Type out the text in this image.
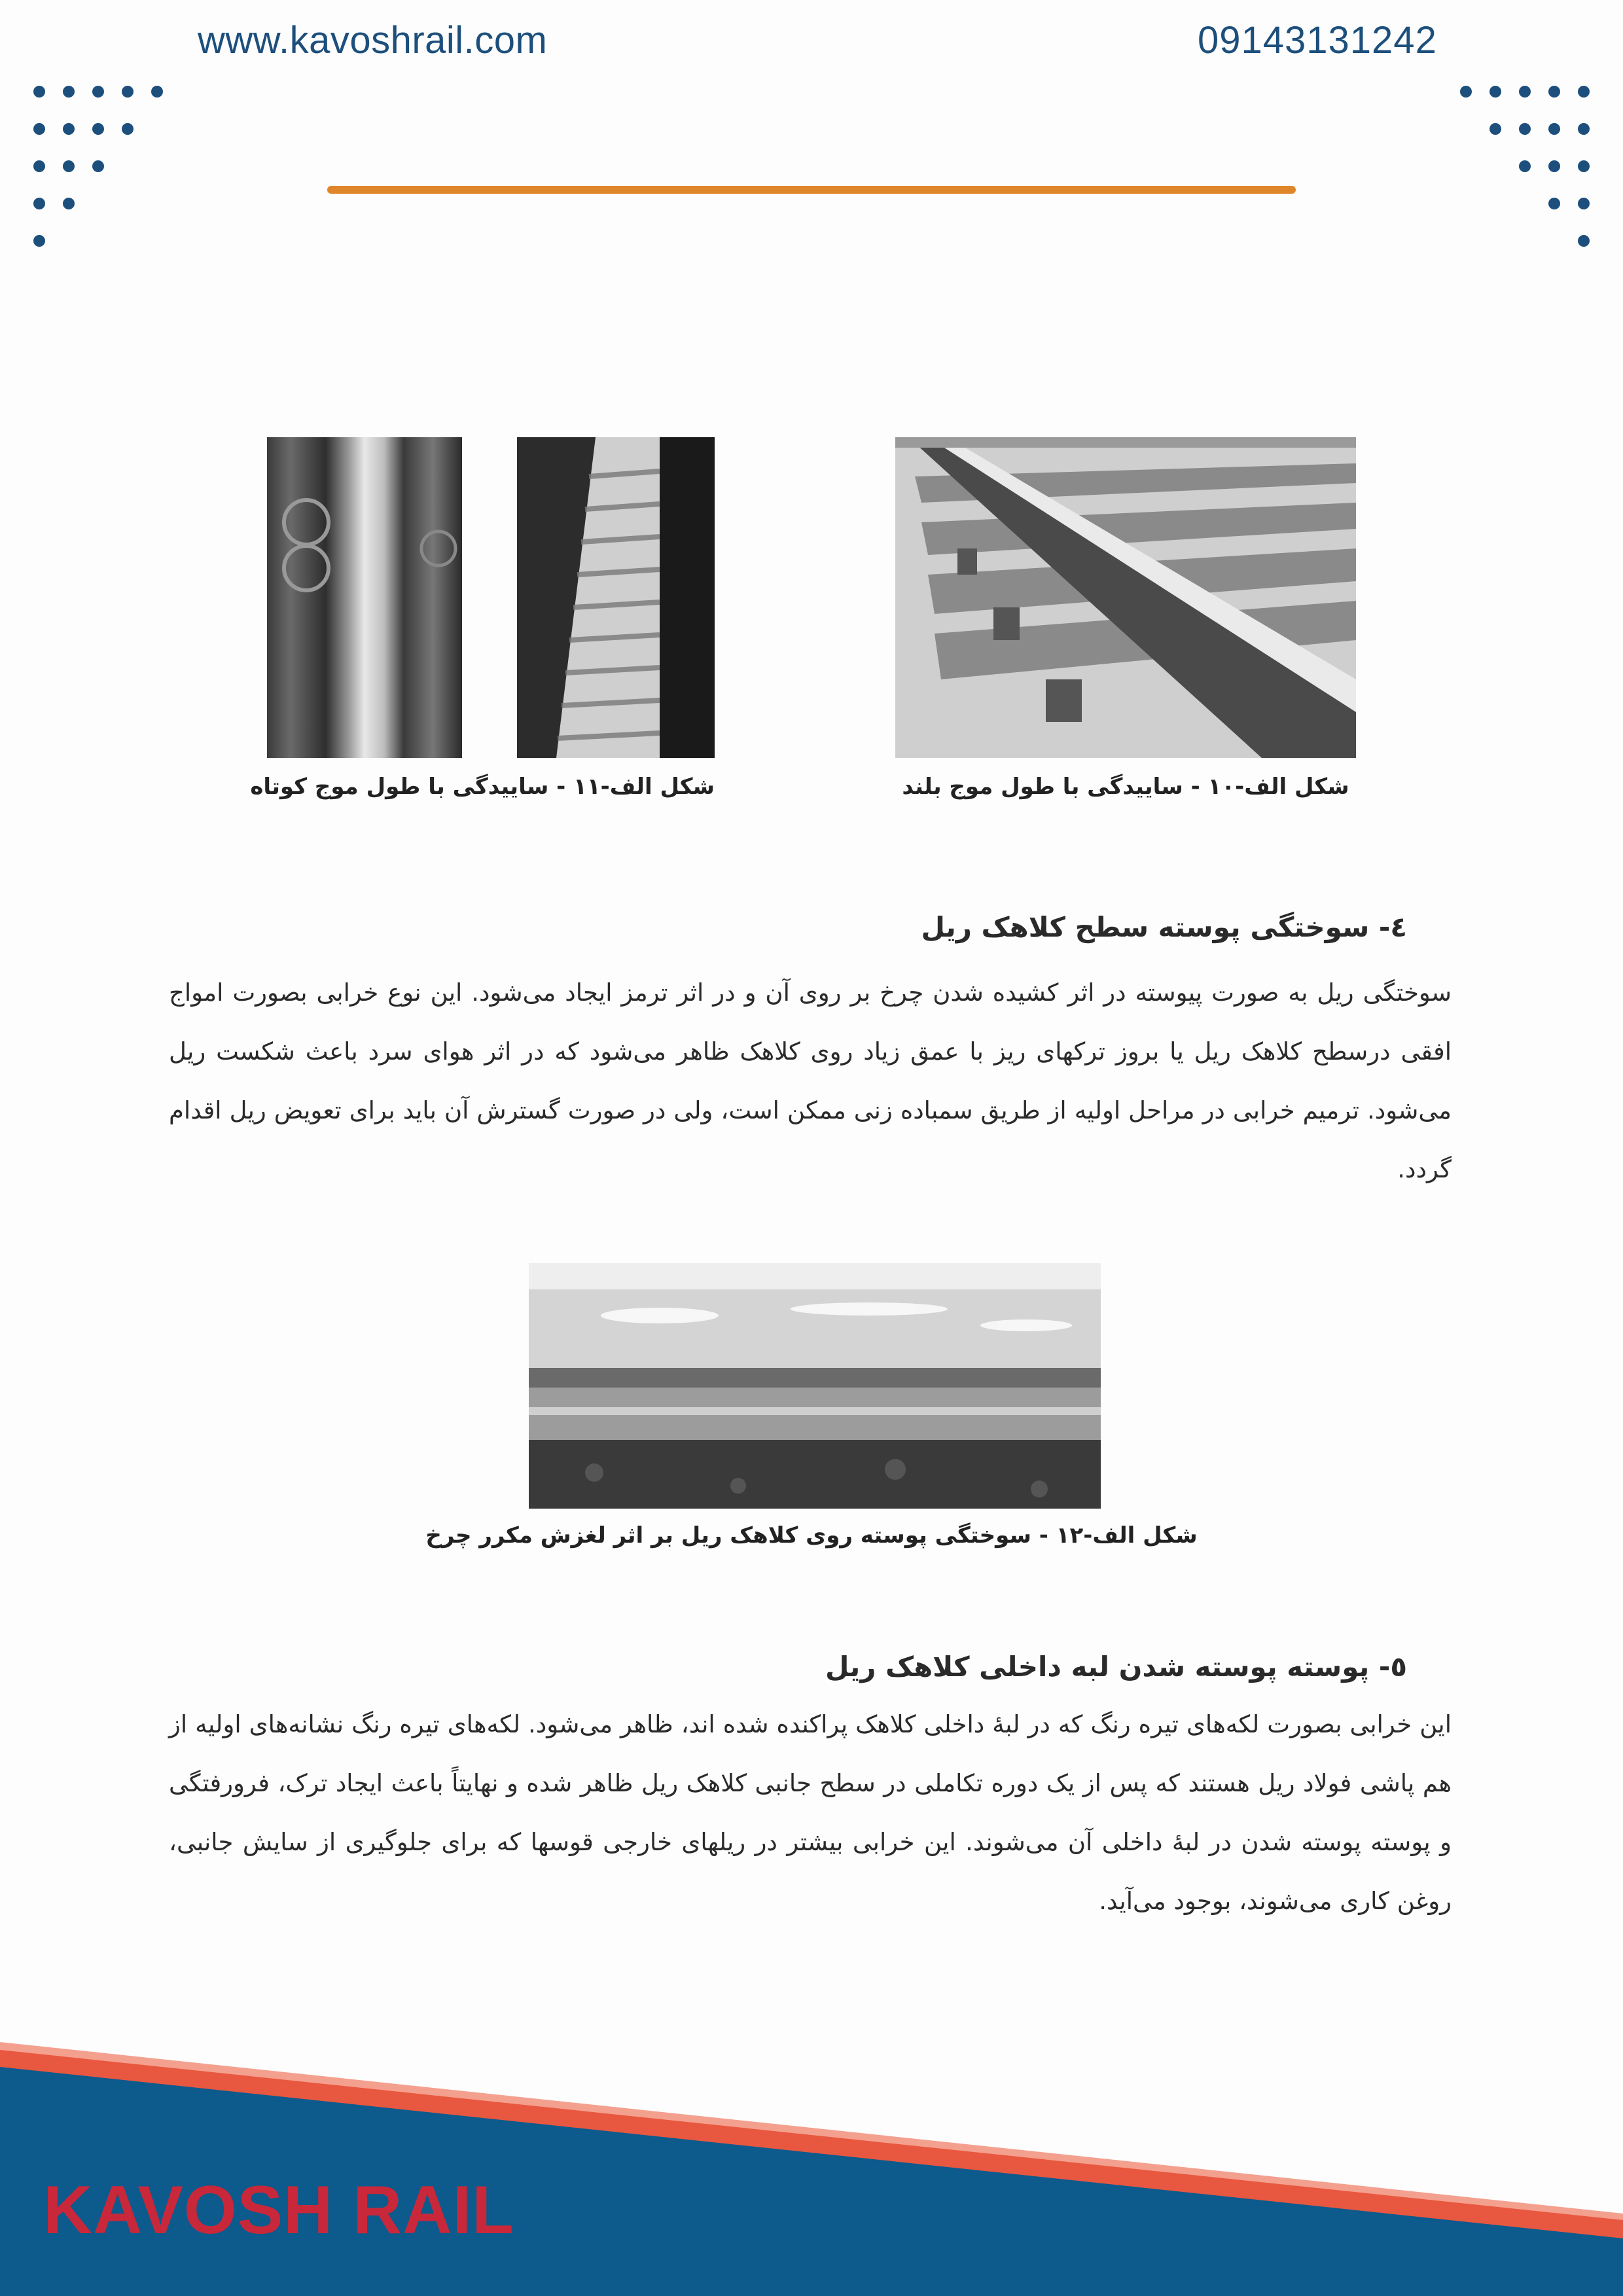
www.kavoshrail.com	09143131242
شکل الف-۱۱ - ساییدگی با طول موج کوتاه	شکل الف-۱۰ - ساییدگی با طول موج بلند
٤- سوختگی پوسته سطح کلاهک ریل
سوختگی ریل به صورت پیوسته در اثر کشیده شدن چرخ بر روی آن و در اثر ترمز ایجاد می‌شود. این نوع خرابی بصورت امواج افقی درسطح کلاهک ریل یا بروز ترکهای ریز با عمق زیاد روی کلاهک ظاهر می‌شود که در اثر هوای سرد باعث شکست ریل می‌شود. ترمیم خرابی در مراحل اولیه از طریق سمباده زنی ممکن است، ولی در صورت گسترش آن باید برای تعویض ریل اقدام گردد.
شکل الف-۱۲ - سوختگی پوسته روی کلاهک ریل بر اثر لغزش مکرر چرخ
٥- پوسته پوسته شدن لبه داخلی کلاهک ریل
این خرابی بصورت لکه‌های تیره رنگ که در لبهٔ داخلی کلاهک پراکنده شده اند، ظاهر می‌شود. لکه‌های تیره رنگ نشانه‌های اولیه از هم پاشی فولاد ریل هستند که پس از یک دوره تکاملی در سطح جانبی کلاهک ریل ظاهر شده و نهایتاً باعث ایجاد ترک، فرورفتگی و پوسته پوسته شدن در لبهٔ داخلی آن می‌شوند. این خرابی بیشتر در ریلهای خارجی قوسها که برای جلوگیری از سایش جانبی، روغن کاری می‌شوند، بوجود می‌آید.
KAVOSH RAIL
